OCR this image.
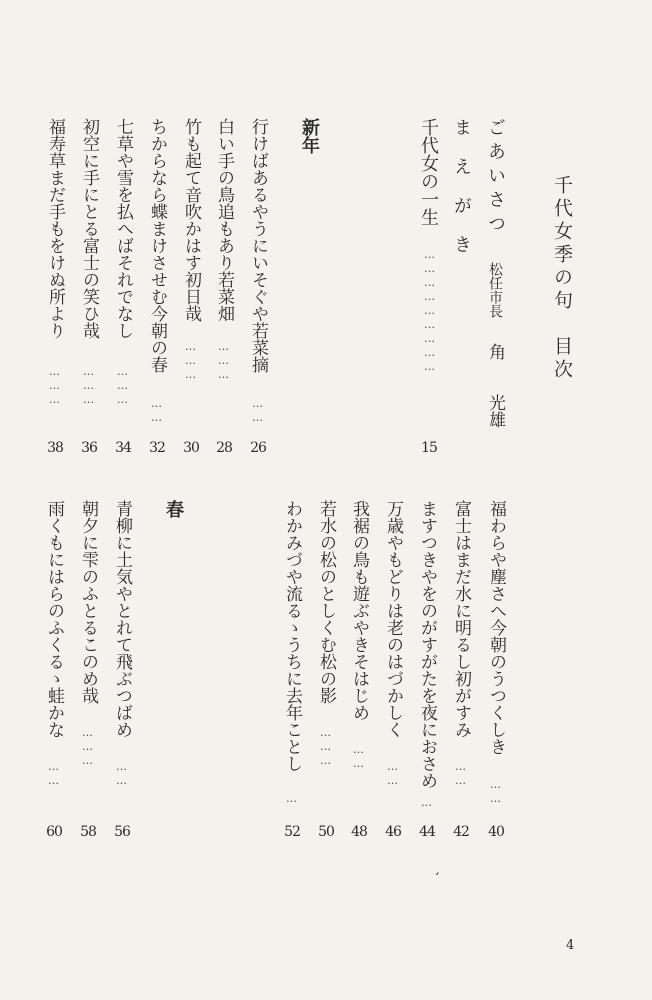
千代女季の句　目次
ごあいさつ
松任市長
角　　光雄
ま え が き
千代女の一生
………………………
15
新年
行けばあるやうにいそぐや若菜摘
……
26
白い手の鳥追もあり若菜畑
………
28
竹も起て音吹かはす初日哉
………
30
ちからなら蝶まけさせむ今朝の春
……
32
七草や雪を払へばそれでなし
………
34
初空に手にとる富士の笑ひ哉
………
36
福寿草まだ手もをけぬ所より
………
38
春	福わらや塵さへ今朝のうつくしき
……
40
富士はまだ水に明るし初がすみ
……
42
ますつきやをのがすがたを夜におさめ
…
44
万歳やもどりは老のはづかしく
……
46
我裾の鳥も遊ぶやきそはじめ
……
48
若水の松のとしくむ松の影
………
50
わかみづや流るゝうちに去年ことし
…
52
青柳に土気やとれて飛ぶつばめ
……
56
朝夕に雫のふとるこのめ哉
………
58
雨くもにはらのふくるゝ蛙かな
……
60
,
4
